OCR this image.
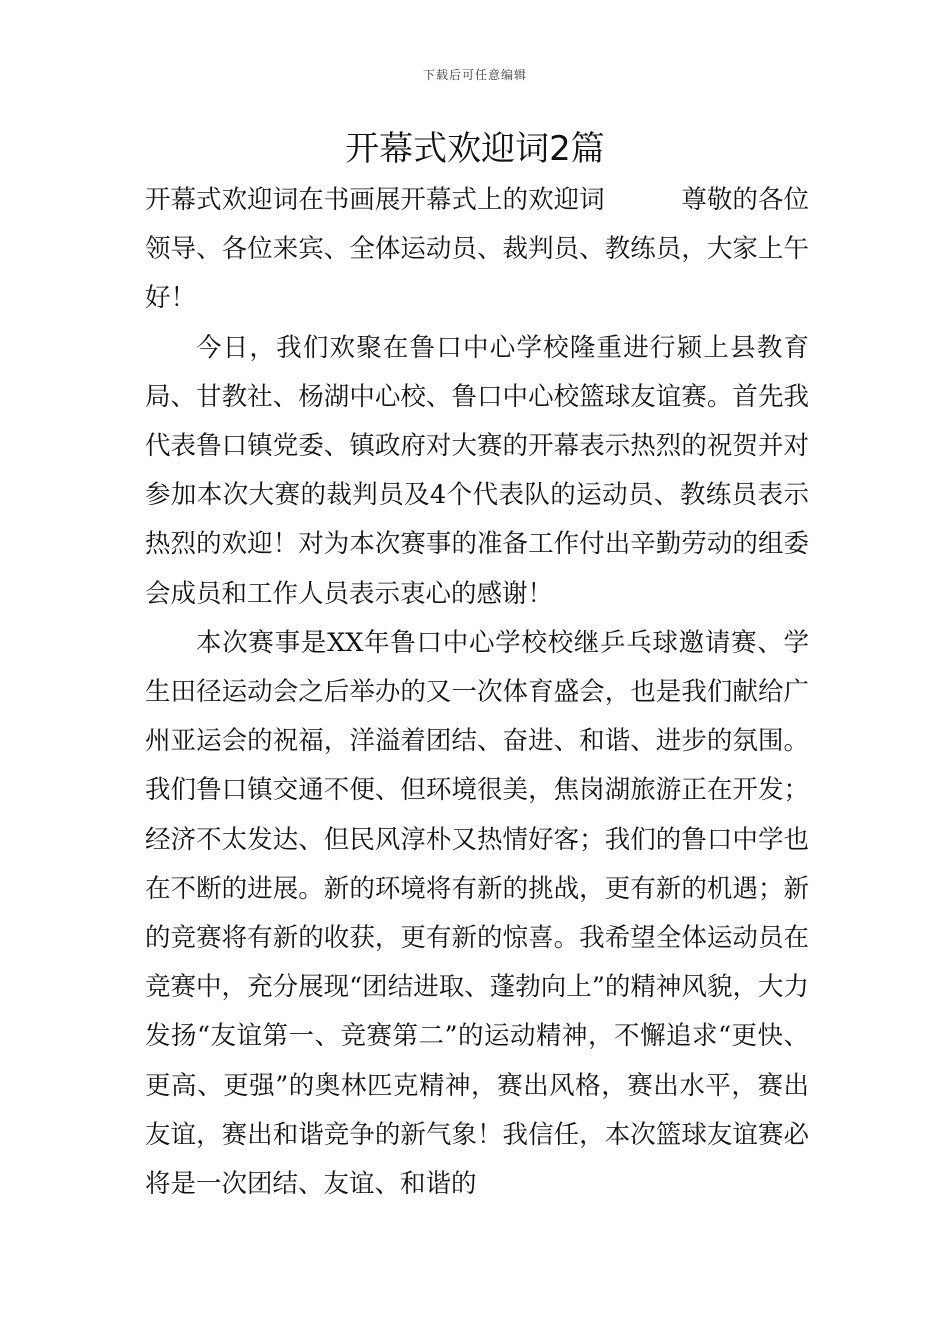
下载后可任意编辑
开幕式欢迎词2篇

开幕式欢迎词在书画展开幕式上的欢迎词　　　尊敬的各位领导、各位来宾、全体运动员、裁判员、教练员，大家上午好！

今日，我们欢聚在鲁口中心学校隆重进行颍上县教育局、甘教社、杨湖中心校、鲁口中心校篮球友谊赛。首先我代表鲁口镇党委、镇政府对大赛的开幕表示热烈的祝贺并对参加本次大赛的裁判员及4个代表队的运动员、教练员表示热烈的欢迎！对为本次赛事的准备工作付出辛勤劳动的组委会成员和工作人员表示衷心的感谢！

本次赛事是XX年鲁口中心学校校继乒乓球邀请赛、学生田径运动会之后举办的又一次体育盛会，也是我们献给广州亚运会的祝福，洋溢着团结、奋进、和谐、进步的氛围。我们鲁口镇交通不便、但环境很美，焦岗湖旅游正在开发；经济不太发达、但民风淳朴又热情好客；我们的鲁口中学也在不断的进展。新的环境将有新的挑战，更有新的机遇；新的竞赛将有新的收获，更有新的惊喜。我希望全体运动员在竞赛中，充分展现“团结进取、蓬勃向上”的精神风貌，大力发扬“友谊第一、竞赛第二”的运动精神，不懈追求“更快、更高、更强”的奥林匹克精神，赛出风格，赛出水平，赛出友谊，赛出和谐竞争的新气象！我信任，本次篮球友谊赛必将是一次团结、友谊、和谐的
